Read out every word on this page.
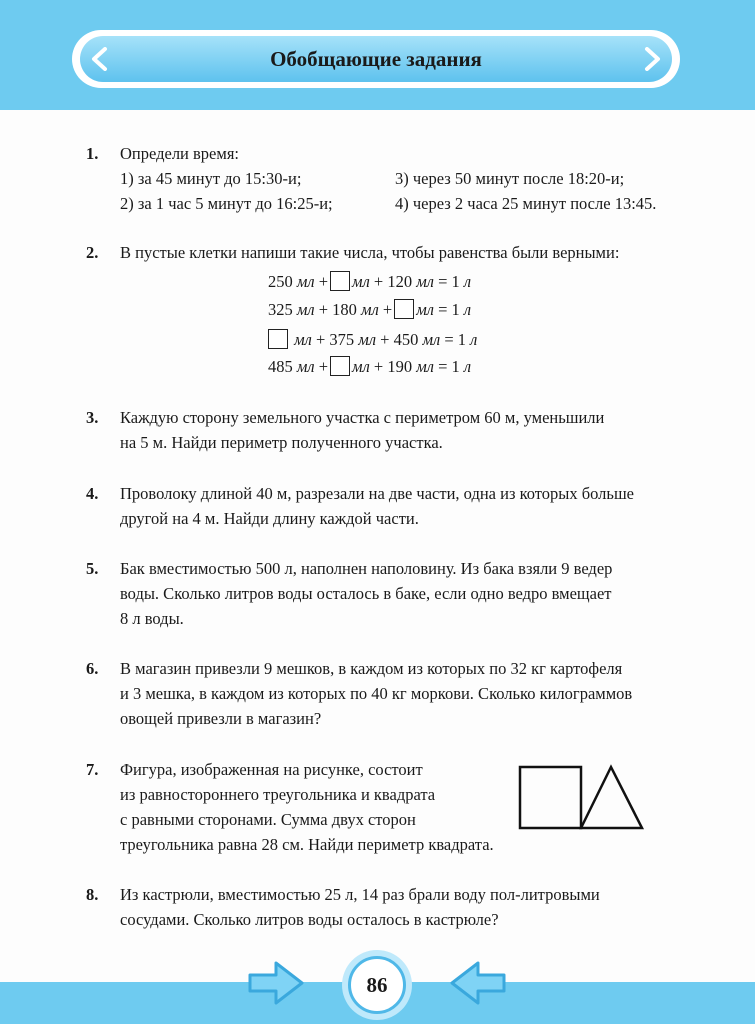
Обобщающие задания
1. Определи время:
1) за 45 минут до 15:30-и;	3) через 50 минут после 18:20-и;
2) за 1 час 5 минут до 16:25-и;	4) через 2 часа 25 минут после 13:45.
2. В пустые клетки напиши такие числа, чтобы равенства были верными:
250 мл + мл + 120 мл = 1 л
325 мл + 180 мл + мл = 1 л
мл + 375 мл + 450 мл = 1 л
485 мл + мл + 190 мл = 1 л
3. Каждую сторону земельного участка с периметром 60 м, уменьшили
на 5 м. Найди периметр полученного участка.
4. Проволоку длиной 40 м, разрезали на две части, одна из которых больше
другой на 4 м. Найди длину каждой части.
5. Бак вместимостью 500 л, наполнен наполовину. Из бака взяли 9 ведер
воды. Сколько литров воды осталось в баке, если одно ведро вмещает
8 л воды.
6. В магазин привезли 9 мешков, в каждом из которых по 32 кг картофеля
и 3 мешка, в каждом из которых по 40 кг моркови. Сколько килограммов
овощей привезли в магазин?
7. Фигура, изображенная на рисунке, состоит
из равностороннего треугольника и квадрата
с равными сторонами. Сумма двух сторон
треугольника равна 28 см. Найди периметр квадрата.
8. Из кастрюли, вместимостью 25 л, 14 раз брали воду пол-литровыми
сосудами. Сколько литров воды осталось в кастрюле?
86
